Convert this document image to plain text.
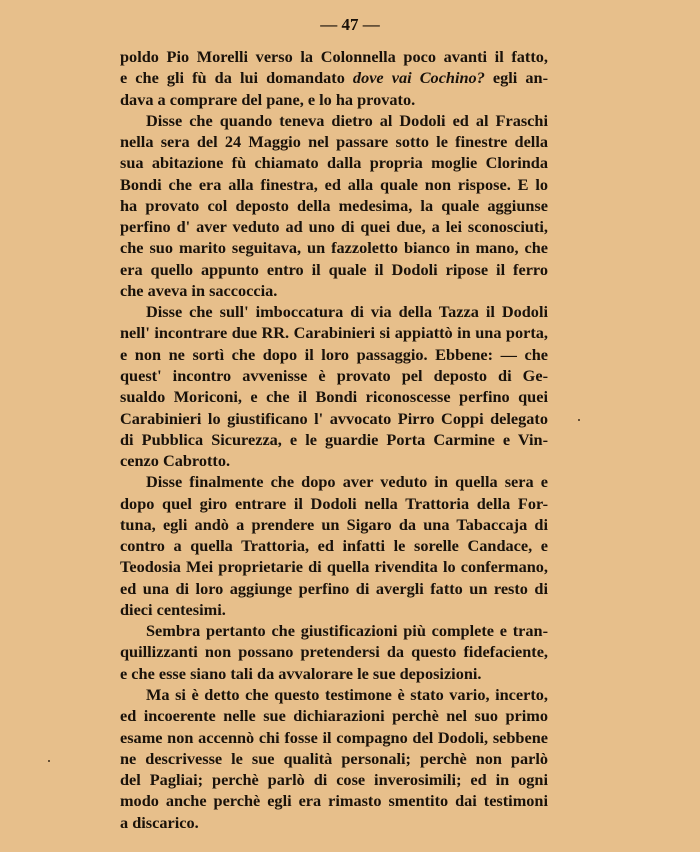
— 47 —
poldo Pio Morelli verso la Colonnella poco avanti il fatto,
e che gli fù da lui domandato dove vai Cochino? egli an-
dava a comprare del pane, e lo ha provato.
Disse che quando teneva dietro al Dodoli ed al Fraschi
nella sera del 24 Maggio nel passare sotto le finestre della
sua abitazione fù chiamato dalla propria moglie Clorinda
Bondi che era alla finestra, ed alla quale non rispose. E lo
ha provato col deposto della medesima, la quale aggiunse
perfino d' aver veduto ad uno di quei due, a lei sconosciuti,
che suo marito seguitava, un fazzoletto bianco in mano, che
era quello appunto entro il quale il Dodoli ripose il ferro
che aveva in saccoccia.
Disse che sull' imboccatura di via della Tazza il Dodoli
nell' incontrare due RR. Carabinieri si appiattò in una porta,
e non ne sortì che dopo il loro passaggio. Ebbene: — che
quest' incontro avvenisse è provato pel deposto di Ge-
sualdo Moriconi, e che il Bondi riconoscesse perfino quei
Carabinieri lo giustificano l' avvocato Pirro Coppi delegato
di Pubblica Sicurezza, e le guardie Porta Carmine e Vin-
cenzo Cabrotto.
Disse finalmente che dopo aver veduto in quella sera e
dopo quel giro entrare il Dodoli nella Trattoria della For-
tuna, egli andò a prendere un Sigaro da una Tabaccaja di
contro a quella Trattoria, ed infatti le sorelle Candace, e
Teodosia Mei proprietarie di quella rivendita lo confermano,
ed una di loro aggiunge perfino di avergli fatto un resto di
dieci centesimi.
Sembra pertanto che giustificazioni più complete e tran-
quillizzanti non possano pretendersi da questo fidefaciente,
e che esse siano tali da avvalorare le sue deposizioni.
Ma si è detto che questo testimone è stato vario, incerto,
ed incoerente nelle sue dichiarazioni perchè nel suo primo
esame non accennò chi fosse il compagno del Dodoli, sebbene
ne descrivesse le sue qualità personali; perchè non parlò
del Pagliai; perchè parlò di cose inverosimili; ed in ogni
modo anche perchè egli era rimasto smentito dai testimoni
a discarico.
